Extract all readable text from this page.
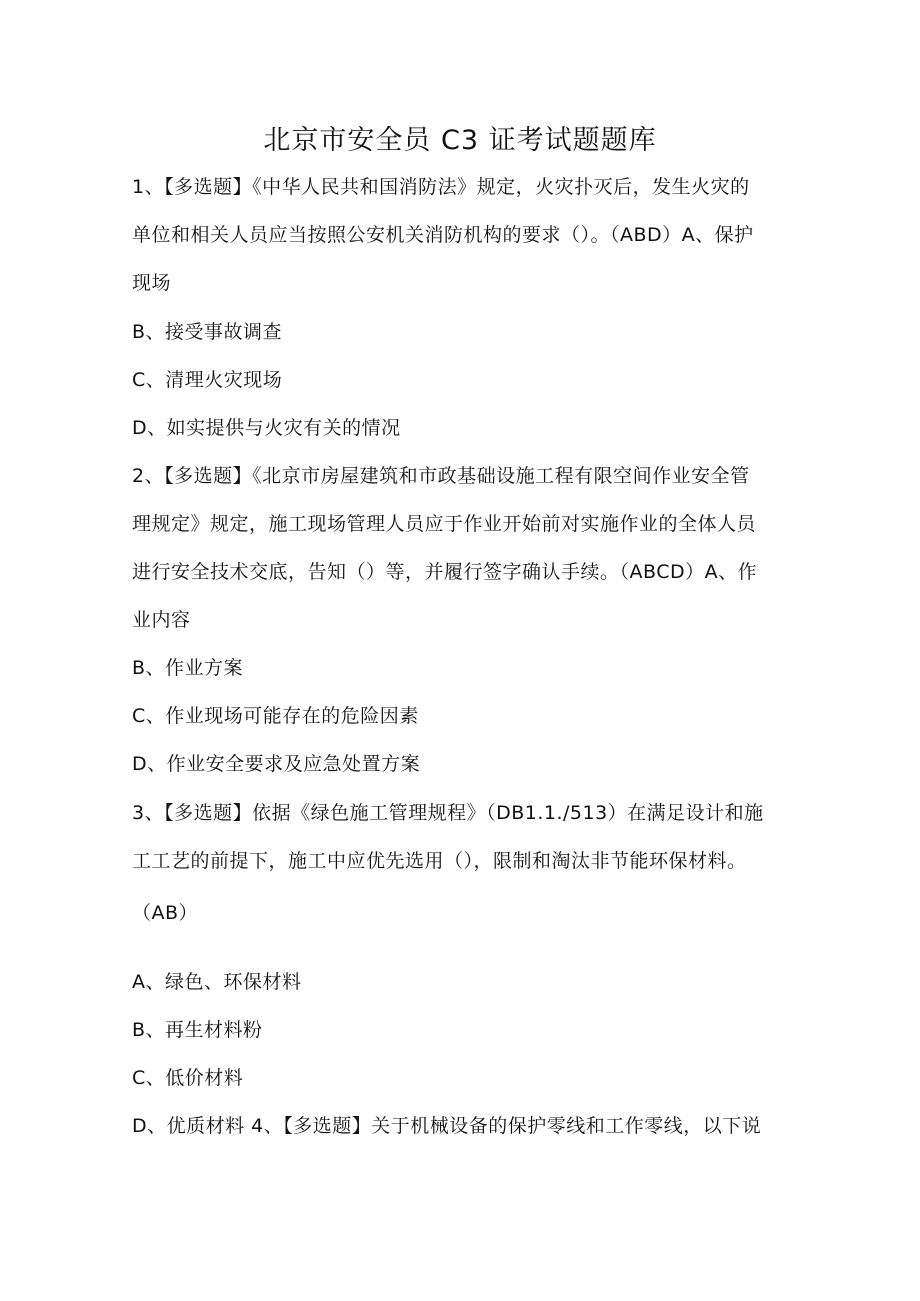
北京市安全员 C3 证考试题题库
1、【多选题】《中华人民共和国消防法》规定，火灾扑灭后，发生火灾的
单位和相关人员应当按照公安机关消防机构的要求（）。（ABD）A、保护
现场
B、接受事故调查
C、清理火灾现场
D、如实提供与火灾有关的情况
2、【多选题】《北京市房屋建筑和市政基础设施工程有限空间作业安全管
理规定》规定，施工现场管理人员应于作业开始前对实施作业的全体人员
进行安全技术交底，告知（）等，并履行签字确认手续。（ABCD）A、作
业内容
B、作业方案
C、作业现场可能存在的危险因素
D、作业安全要求及应急处置方案
3、【多选题】依据《绿色施工管理规程》（DB1.1./513）在满足设计和施
工工艺的前提下，施工中应优先选用（），限制和淘汰非节能环保材料。
（AB）
A、绿色、环保材料
B、再生材料粉
C、低价材料
D、优质材料 4、【多选题】关于机械设备的保护零线和工作零线，以下说
